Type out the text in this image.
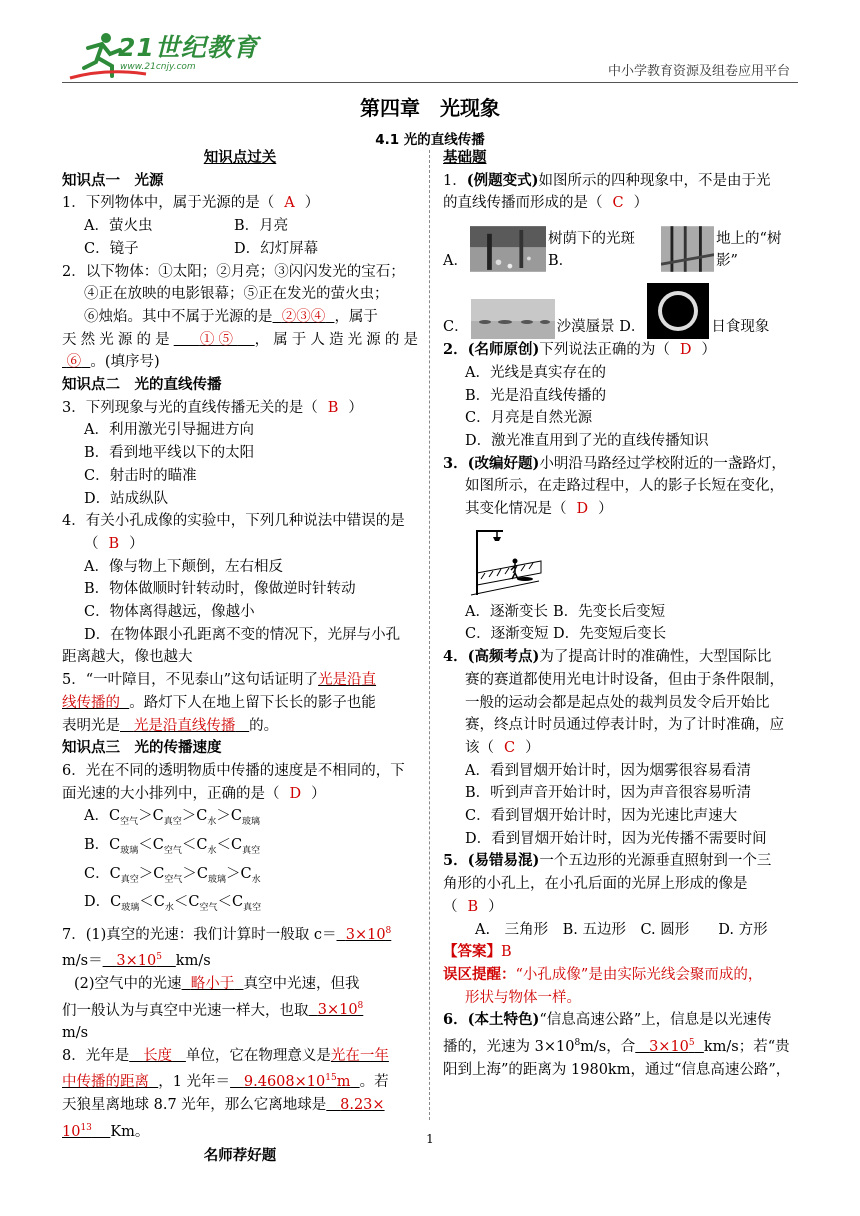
21世纪教育
www.21cnjy.com	中小学教育资源及组卷应用平台
第四章　光现象
4.1 光的直线传播
知识点过关
知识点一　光源
1．下列物体中，属于光源的是（ A ）
A．萤火虫	B．月亮
C．镜子	D．幻灯屏幕
2．以下物体：①太阳；②月亮；③闪闪发光的宝石；
④正在放映的电影银幕；⑤正在发光的萤火虫；
⑥烛焰。其中不属于光源的是 ②③④ ，属于
天然光源的是 ①⑤ ，属于人造光源的是
⑥ 。(填序号)
知识点二　光的直线传播
3．下列现象与光的直线传播无关的是（ B ）
A．利用激光引导掘进方向
B．看到地平线以下的太阳
C．射击时的瞄准
D．站成纵队
4．有关小孔成像的实验中，下列几种说法中错误的是
（ B ）
A．像与物上下颠倒，左右相反
B．物体做顺时针转动时，像做逆时针转动
C．物体离得越远，像越小
D．在物体跟小孔距离不变的情况下，光屏与小孔
距离越大，像也越大
5．“一叶障目，不见泰山”这句话证明了光是沿直
线传播的 。路灯下人在地上留下长长的影子也能
表明光是 光是沿直线传播 的。
知识点三　光的传播速度
6．光在不同的透明物质中传播的速度是不相同的，下
面光速的大小排列中，正确的是（ D ）
A．$C_{空气}>C_{真空}>C_水>C_{玻璃}$
B．$C_{玻璃}<C_{空气}<C_水<C_{真空}$
C．$C_{真空}>C_{空气}>C_{玻璃}>C_水$
D．$C_{玻璃}<C_水<C_{空气}<C_{真空}$
7．(1)真空的光速：我们计算时一般取 $c= 3\times 10^8$
$m/s= 3\times 10^5$ km/s
(2)空气中的光速 略小于 真空中光速，但我
们一般认为与真空中光速一样大，也取 $3\times 10^8$
m/s
8．光年是 长度 单位，它在物理意义是光在一年
中传播的距离 ，1 光年＝ $9.4608\times 10^{15}m$ 。若
天狼星离地球 8.7 光年，那么它离地球是 8.23×
$10^{13}$ Km。
名师荐好题
基础题
1．(例题变式)如图所示的四种现象中，不是由于光
的直线传播而形成的是（ C ）
A．
树荫下的光斑 B．
地上的“树影”
C．	沙漠蜃景 D．	日食现象
2．(名师原创)下列说法正确的为（ D ）
A．光线是真实存在的
B．光是沿直线传播的
C．月亮是自然光源
D．激光准直用到了光的直线传播知识
3．(改编好题)小明沿马路经过学校附近的一盏路灯，
如图所示，在走路过程中，人的影子长短在变化，
其变化情况是（ D ）
A．逐渐变长 B．先变长后变短
C．逐渐变短 D．先变短后变长
4．(高频考点)为了提高计时的准确性，大型国际比
赛的赛道都使用光电计时设备，但由于条件限制，
一般的运动会都是起点处的裁判员发令后开始比
赛，终点计时员通过停表计时，为了计时准确，应
该（ C ）
A．看到冒烟开始计时，因为烟雾很容易看清
B．听到声音开始计时，因为声音很容易听清
C．看到冒烟开始计时，因为光速比声速大
D．看到冒烟开始计时，因为光传播不需要时间
5．(易错易混)一个五边形的光源垂直照射到一个三
角形的小孔上，在小孔后面的光屏上形成的像是
（ B ）
A.　三角形　B. 五边形　C. 圆形　　D. 方形
【答案】B
误区提醒：“小孔成像”是由实际光线会聚而成的，
形状与物体一样。
6．(本土特色)“信息高速公路”上，信息是以光速传
播的，光速为 $3\times 10^8m/s$，合 $3\times 10^5$ km/s；若“贵
阳到上海”的距离为 1980km，通过“信息高速公路”，
1
